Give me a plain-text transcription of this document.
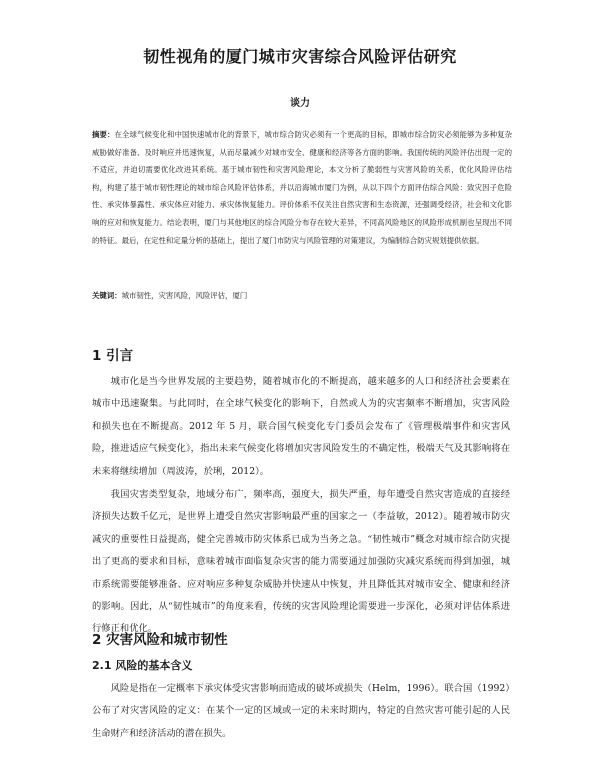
韧性视角的厦门城市灾害综合风险评估研究
谈力
摘要：在全球气候变化和中国快速城市化的背景下，城市综合防灾必须有一个更高的目标，即城市综合防灾必须能够为多种复杂威胁做好准备、及时响应并迅速恢复，从而尽量减少对城市安全、健康和经济等各方面的影响。我国传统的风险评估出现一定的不适应，并迫切需要优化改进其系统。基于城市韧性和灾害风险理论，本文分析了脆弱性与灾害风险的关系，优化风险评估结构，构建了基于城市韧性理论的城市综合风险评估体系，并以沿海城市厦门为例，从以下四个方面评估综合风险：致灾因子危险性、承灾体暴露性、承灾体应对能力、承灾体恢复能力。评价体系不仅关注自然灾害和生态资源，还强调受经济，社会和文化影响的应对和恢复能力。结论表明，厦门与其他地区的综合风险分布存在较大差异，不同高风险地区的风险形成机制也呈现出不同的特征。最后，在定性和定量分析的基础上，提出了厦门市防灾与风险管理的对策建议，为编制综合防灾规划提供依据。
关键词：城市韧性，灾害风险，风险评估，厦门
1 引言

城市化是当今世界发展的主要趋势，随着城市化的不断提高，越来越多的人口和经济社会要素在城市中迅速聚集。与此同时，在全球气候变化的影响下，自然或人为的灾害频率不断增加，灾害风险和损失也在不断提高。2012 年 5 月，联合国气候变化专门委员会发布了《管理极端事件和灾害风险，推进适应气候变化》，指出未来气候变化将增加灾害风险发生的不确定性，极端天气及其影响将在未来将继续增加（周波涛，於琍，2012）。

我国灾害类型复杂，地域分布广，频率高，强度大，损失严重，每年遭受自然灾害造成的直接经济损失达数千亿元，是世界上遭受自然灾害影响最严重的国家之一（李益敏，2012）。随着城市防灾减灾的重要性日益提高，健全完善城市防灾体系已成为当务之急。“韧性城市”概念对城市综合防灾提出了更高的要求和目标，意味着城市面临复杂灾害的能力需要通过加强防灾减灾系统而得到加强，城市系统需要能够准备、应对响应多种复杂威胁并快速从中恢复，并且降低其对城市安全、健康和经济的影响。因此，从“韧性城市”的角度来看，传统的灾害风险理论需要进一步深化，必须对评估体系进行修正和优化。

2 灾害风险和城市韧性
2.1 风险的基本含义

风险是指在一定概率下承灾体受灾害影响而造成的破坏或损失（Helm，1996）。联合国（1992）公布了对灾害风险的定义：在某个一定的区域或一定的未来时期内，特定的自然灾害可能引起的人民生命财产和经济活动的潜在损失。
